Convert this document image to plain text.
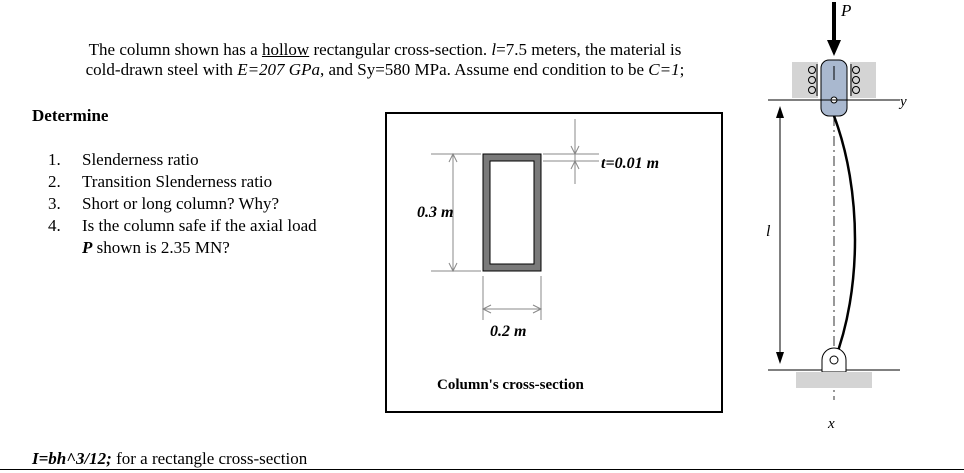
The column shown has a hollow rectangular cross-section. l=7.5 meters, the material is

cold-drawn steel with E=207 GPa, and Sy=580 MPa. Assume end condition to be C=1;

Determine
1.	Slenderness ratio
2.	Transition Slenderness ratio
3.	Short or long column? Why?
4.	Is the column safe if the axial load
P shown is 2.35 MN?
0.3 m
0.2 m
t=0.01 m
Column's cross-section
y
P
l
x
I=bh^3/12; for a rectangle cross-section
